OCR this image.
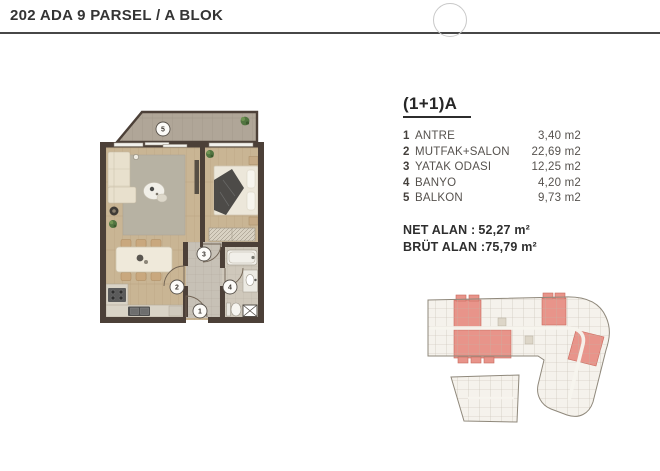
202 ADA 9 PARSEL / A BLOK
1
2
3
4
5
(1+1)A
1 ANTRE	3,40 m2
2 MUTFAK+SALON 22,69 m2
3 YATAK ODASI	12,25 m2
4 BANYO	4,20 m2
5 BALKON	9,73 m2
NET ALAN : 52,27 m²
BRÜT ALAN :75,79 m²
